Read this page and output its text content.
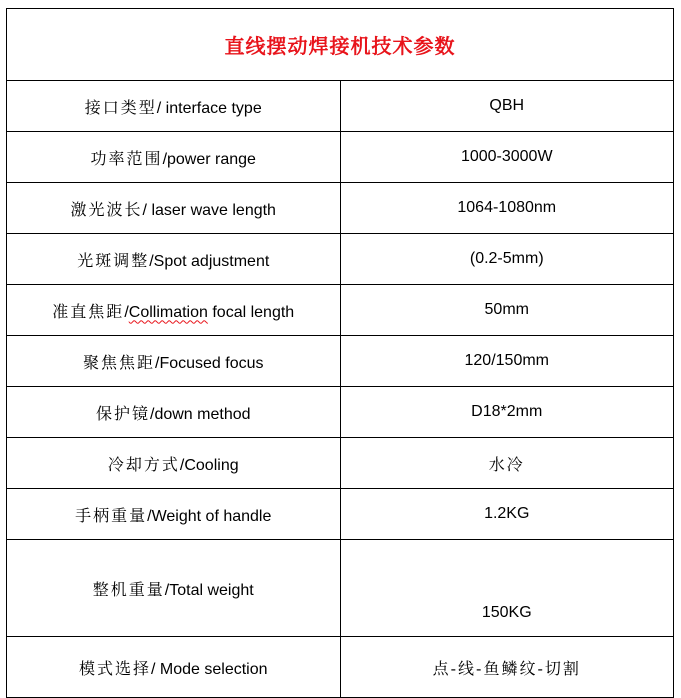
直线摆动焊接机技术参数	
接口类型/ interface type	QBH
功率范围/power range	1000-3000W
激光波长/ laser wave length	1064-1080nm
光斑调整/Spot adjustment	(0.2-5mm)
准直焦距/Collimation focal length	50mm
聚焦焦距/Focused focus	120/150mm
保护镜/down method	D18*2mm
冷却方式/Cooling	水冷
手柄重量/Weight of handle	1.2KG
整机重量/Total weight	150KG
模式选择/ Mode selection	点-线-鱼鳞纹-切割
